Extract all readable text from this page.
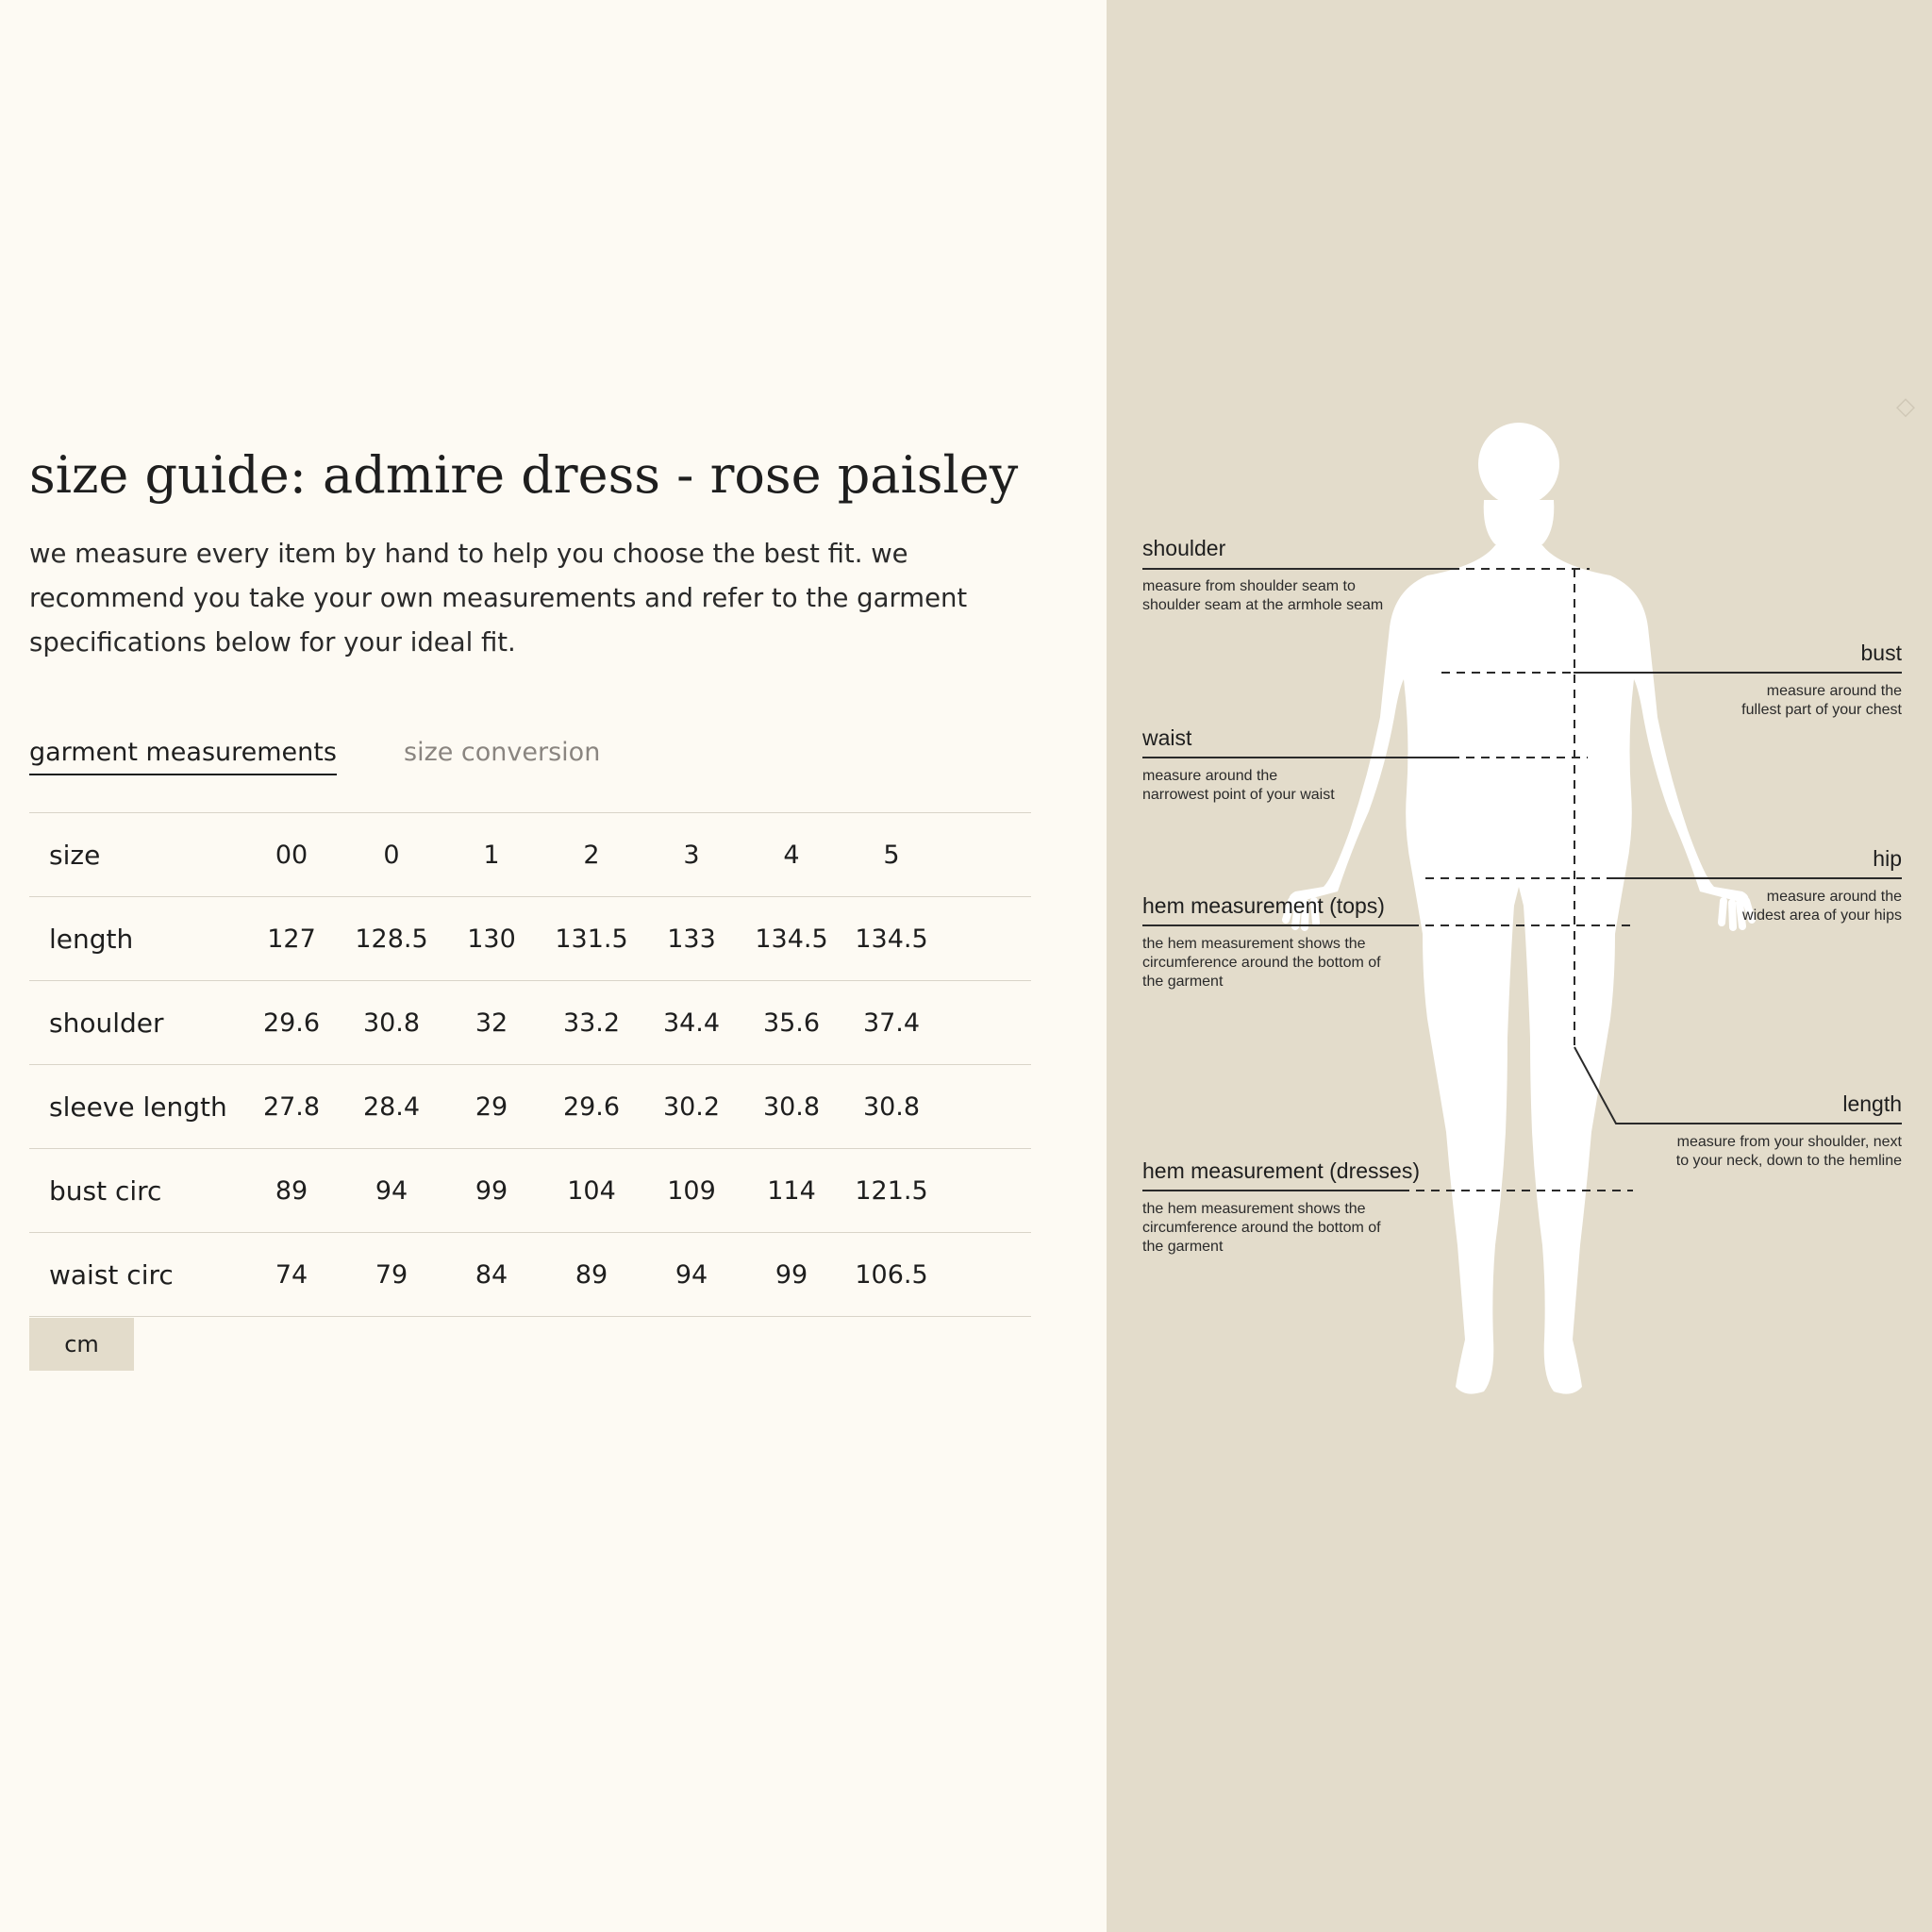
size guide: admire dress - rose paisley

we measure every item by hand to help you choose the best fit. we recommend you take your own measurements and refer to the garment specifications below for your ideal fit.

garment measurements	size conversion
size	00	0	1	2	3	4	5	
length	127	128.5	130	131.5	133	134.5	134.5	
shoulder	29.6	30.8	32	33.2	34.4	35.6	37.4	
sleeve length	27.8	28.4	29	29.6	30.2	30.8	30.8	
bust circ	89	94	99	104	109	114	121.5	
waist circ	74	79	84	89	94	99	106.5	
cm
◇
shoulder
measure from shoulder seam to
shoulder seam at the armhole seam
bust
measure around the
fullest part of your chest
waist
measure around the
narrowest point of your waist
hip
measure around the
widest area of your hips
hem measurement (tops)
the hem measurement shows the
circumference around the bottom of
the garment
length
measure from your shoulder, next
to your neck, down to the hemline
hem measurement (dresses)
the hem measurement shows the
circumference around the bottom of
the garment
